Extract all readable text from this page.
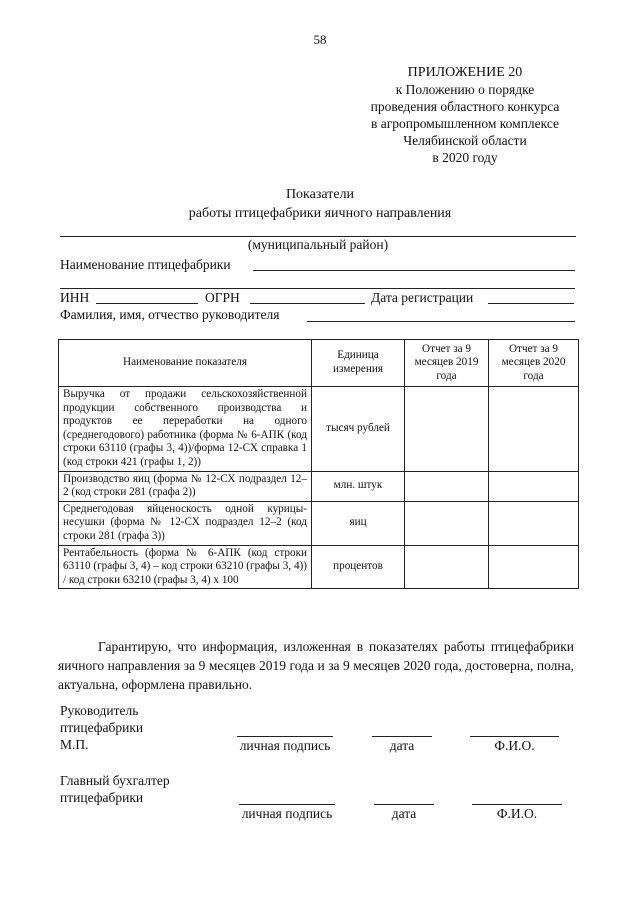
58
ПРИЛОЖЕНИЕ 20
к Положению о порядке
проведения областного конкурса
в агропромышленном комплексе
Челябинской области
в 2020 году
Показатели
работы птицефабрики яичного направления
(муниципальный район)
Наименование птицефабрики
ИНН	ОГРН	Дата регистрации
Фамилия, имя, отчество руководителя
Наименование показателя	Единица измерения	Отчет за 9 месяцев 2019 года	Отчет за 9 месяцев 2020 года
Выручка от продажи сельскохозяйственной продукции собственного производства и продуктов ее переработки на одного (среднегодового) работника (форма № 6-АПК (код строки 63110 (графы 3, 4))/форма 12-СХ справка 1 (код строки 421 (графы 1, 2))	тысяч рублей		
Производство яиц (форма № 12-СХ подраздел 12–2 (код строки 281 (графа 2))	млн. штук		
Среднегодовая яйценоскость одной курицы-несушки (форма № 12-СХ подраздел 12–2 (код строки 281 (графа 3))	яиц		
Рентабельность (форма № 6-АПК (код строки 63110 (графы 3, 4) – код строки 63210 (графы 3, 4)) / код строки 63210 (графы 3, 4) х 100	процентов		
Гарантирую, что информация, изложенная в показателях работы птицефабрики яичного направления за 9 месяцев 2019 года и за 9 месяцев 2020 года, достоверна, полна, актуальна, оформлена правильно.
Руководитель
птицефабрики
М.П.	личная подпись	дата	Ф.И.О.
Главный бухгалтер
птицефабрики
личная подпись	дата	Ф.И.О.
